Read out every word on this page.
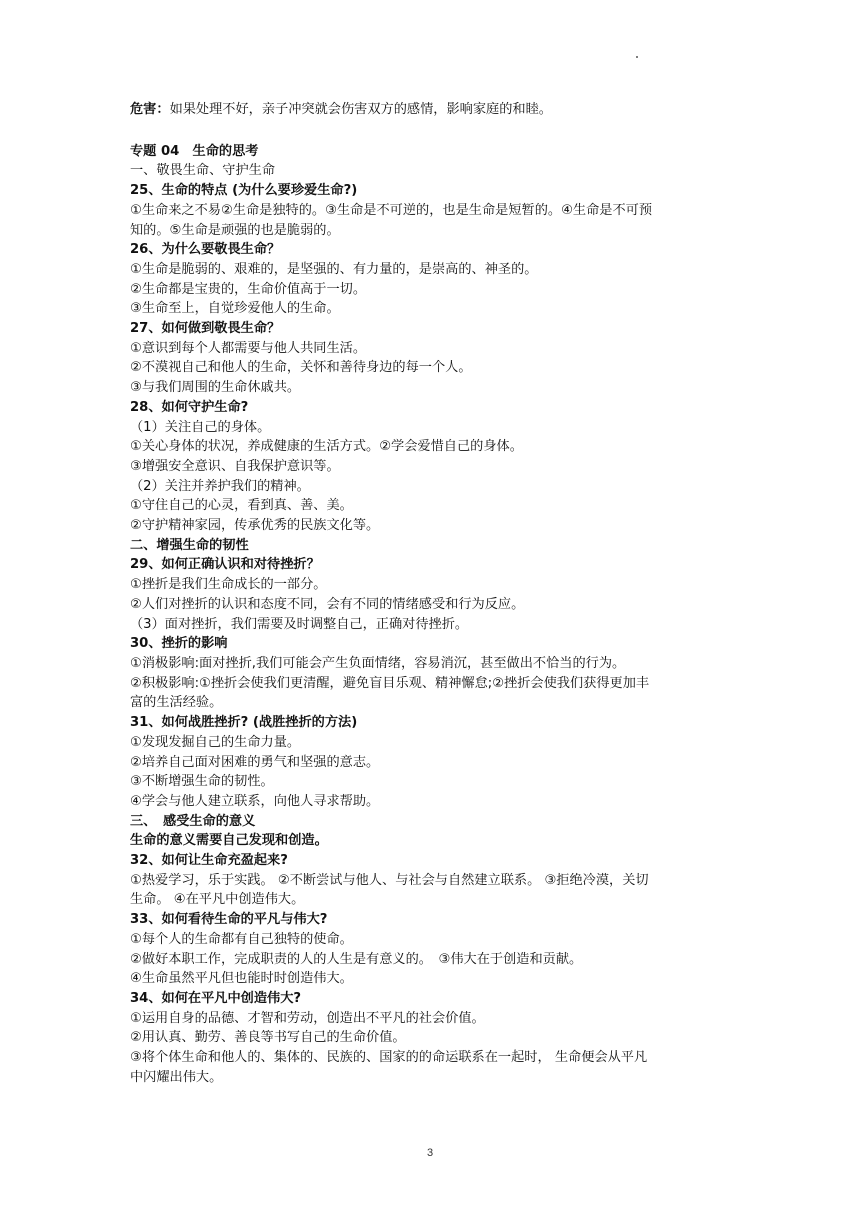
危害：如果处理不好，亲子冲突就会伤害双方的感情，影响家庭的和睦。
专题 04　生命的思考
一、敬畏生命、守护生命
25、生命的特点 (为什么要珍爱生命?)
①生命来之不易②生命是独特的。③生命是不可逆的，也是生命是短暂的。④生命是不可预
知的。⑤生命是顽强的也是脆弱的。
26、为什么要敬畏生命？
①生命是脆弱的、艰难的，是坚强的、有力量的，是崇高的、神圣的。
②生命都是宝贵的，生命价值高于一切。
③生命至上，自觉珍爱他人的生命。
27、如何做到敬畏生命？
①意识到每个人都需要与他人共同生活。
②不漠视自己和他人的生命，关怀和善待身边的每一个人。
③与我们周围的生命休戚共。
28、如何守护生命?
（1）关注自己的身体。
①关心身体的状况，养成健康的生活方式。②学会爱惜自己的身体。
③增强安全意识、自我保护意识等。
（2）关注并养护我们的精神。
①守住自己的心灵，看到真、善、美。
②守护精神家园，传承优秀的民族文化等。
二、增强生命的韧性
29、如何正确认识和对待挫折？
①挫折是我们生命成长的一部分。
②人们对挫折的认识和态度不同，会有不同的情绪感受和行为反应。
（3）面对挫折，我们需要及时调整自己，正确对待挫折。
30、挫折的影响
①消极影响:面对挫折,我们可能会产生负面情绪，容易消沉，甚至做出不恰当的行为。
②积极影响:①挫折会使我们更清醒，避免盲目乐观、精神懈怠;②挫折会使我们获得更加丰
富的生活经验。
31、如何战胜挫折? (战胜挫折的方法)
①发现发掘自己的生命力量。
②培养自己面对困难的勇气和坚强的意志。
③不断增强生命的韧性。
④学会与他人建立联系，向他人寻求帮助。
三、　感受生命的意义
生命的意义需要自己发现和创造。
32、如何让生命充盈起来?
①热爱学习，乐于实践。 ②不断尝试与他人、与社会与自然建立联系。 ③拒绝冷漠，关切
生命。 ④在平凡中创造伟大。
33、如何看待生命的平凡与伟大?
①每个人的生命都有自己独特的使命。
②做好本职工作，完成职责的人的人生是有意义的。　③伟大在于创造和贡献。
④生命虽然平凡但也能时时创造伟大。
34、如何在平凡中创造伟大?
①运用自身的品德、才智和劳动，创造出不平凡的社会价值。
②用认真、勤劳、善良等书写自己的生命价值。
③将个体生命和他人的、集体的、民族的、国家的的命运联系在一起时， 生命便会从平凡
中闪耀出伟大。
3
